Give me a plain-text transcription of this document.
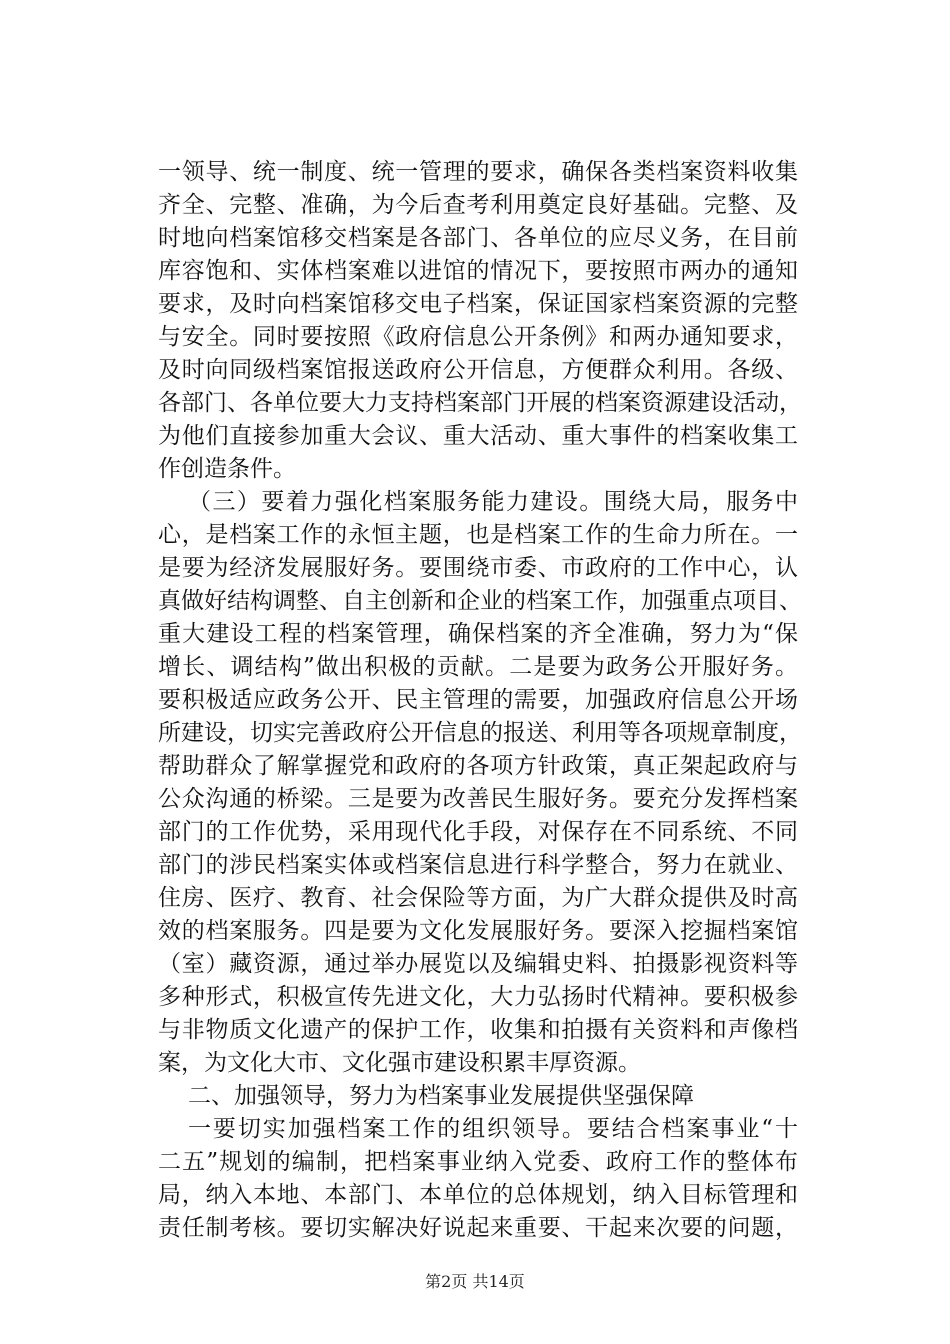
一领导、统一制度、统一管理的要求，确保各类档案资料收集
齐全、完整、准确，为今后查考利用奠定良好基础。完整、及
时地向档案馆移交档案是各部门、各单位的应尽义务，在目前
库容饱和、实体档案难以进馆的情况下，要按照市两办的通知
要求，及时向档案馆移交电子档案，保证国家档案资源的完整
与安全。同时要按照《政府信息公开条例》和两办通知要求，
及时向同级档案馆报送政府公开信息，方便群众利用。各级、
各部门、各单位要大力支持档案部门开展的档案资源建设活动，
为他们直接参加重大会议、重大活动、重大事件的档案收集工
作创造条件。
（三）要着力强化档案服务能力建设。围绕大局，服务中
心，是档案工作的永恒主题，也是档案工作的生命力所在。一
是要为经济发展服好务。要围绕市委、市政府的工作中心，认
真做好结构调整、自主创新和企业的档案工作，加强重点项目、
重大建设工程的档案管理，确保档案的齐全准确，努力为“保
增长、调结构”做出积极的贡献。二是要为政务公开服好务。
要积极适应政务公开、民主管理的需要，加强政府信息公开场
所建设，切实完善政府公开信息的报送、利用等各项规章制度，
帮助群众了解掌握党和政府的各项方针政策，真正架起政府与
公众沟通的桥梁。三是要为改善民生服好务。要充分发挥档案
部门的工作优势，采用现代化手段，对保存在不同系统、不同
部门的涉民档案实体或档案信息进行科学整合，努力在就业、
住房、医疗、教育、社会保险等方面，为广大群众提供及时高
效的档案服务。四是要为文化发展服好务。要深入挖掘档案馆
（室）藏资源，通过举办展览以及编辑史料、拍摄影视资料等
多种形式，积极宣传先进文化，大力弘扬时代精神。要积极参
与非物质文化遗产的保护工作，收集和拍摄有关资料和声像档
案，为文化大市、文化强市建设积累丰厚资源。
二、加强领导，努力为档案事业发展提供坚强保障
一要切实加强档案工作的组织领导。要结合档案事业“十
二五”规划的编制，把档案事业纳入党委、政府工作的整体布
局，纳入本地、本部门、本单位的总体规划，纳入目标管理和
责任制考核。要切实解决好说起来重要、干起来次要的问题，
第2页 共14页
